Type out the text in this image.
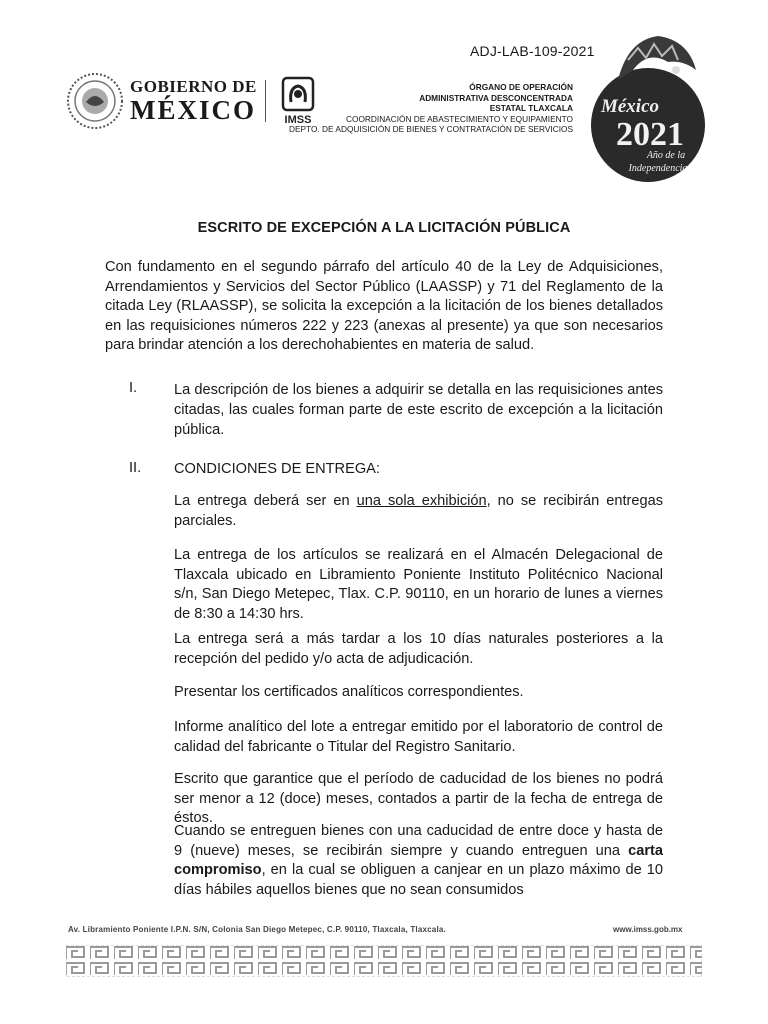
ADJ-LAB-109-2021
GOBIERNO DE
MÉXICO	IMSS
ÓRGANO DE OPERACIÓN
ADMINISTRATIVA DESCONCENTRADA
ESTATAL TLAXCALA
COORDINACIÓN DE ABASTECIMIENTO Y EQUIPAMIENTO
DEPTO. DE ADQUISICIÓN DE BIENES Y CONTRATACIÓN DE SERVICIOS
México
2021
Año de la
Independencia
ESCRITO DE EXCEPCIÓN A LA LICITACIÓN PÚBLICA

Con fundamento en el segundo párrafo del artículo 40 de la Ley de Adquisiciones, Arrendamientos y Servicios del Sector Público (LAASSP) y 71 del Reglamento de la citada Ley (RLAASSP), se solicita la excepción a la licitación de los bienes detallados en las requisiciones números 222 y 223 (anexas al presente) ya que son necesarios para brindar atención a los derechohabientes en materia de salud.

I.	La descripción de los bienes a adquirir se detalla en las requisiciones antes citadas, las cuales forman parte de este escrito de excepción a la licitación pública.

II. CONDICIONES DE ENTREGA:

La entrega deberá ser en una sola exhibición, no se recibirán entregas parciales.

La entrega de los artículos se realizará en el Almacén Delegacional de Tlaxcala ubicado en Libramiento Poniente Instituto Politécnico Nacional s/n, San Diego Metepec, Tlax. C.P. 90110, en un horario de lunes a viernes de 8:30 a 14:30 hrs.

La entrega será a más tardar a los 10 días naturales posteriores a la recepción del pedido y/o acta de adjudicación.

Presentar los certificados analíticos correspondientes.

Informe analítico del lote a entregar emitido por el laboratorio de control de calidad del fabricante o Titular del Registro Sanitario.

Escrito que garantice que el período de caducidad de los bienes no podrá ser menor a 12 (doce) meses, contados a partir de la fecha de entrega de éstos.

Cuando se entreguen bienes con una caducidad de entre doce y hasta de 9 (nueve) meses, se recibirán siempre y cuando entreguen una carta compromiso, en la cual se obliguen a canjear en un plazo máximo de 10 días hábiles aquellos bienes que no sean consumidos

Av. Libramiento Poniente I.P.N. S/N, Colonia San Diego Metepec, C.P. 90110, Tlaxcala, Tlaxcala.	www.imss.gob.mx
